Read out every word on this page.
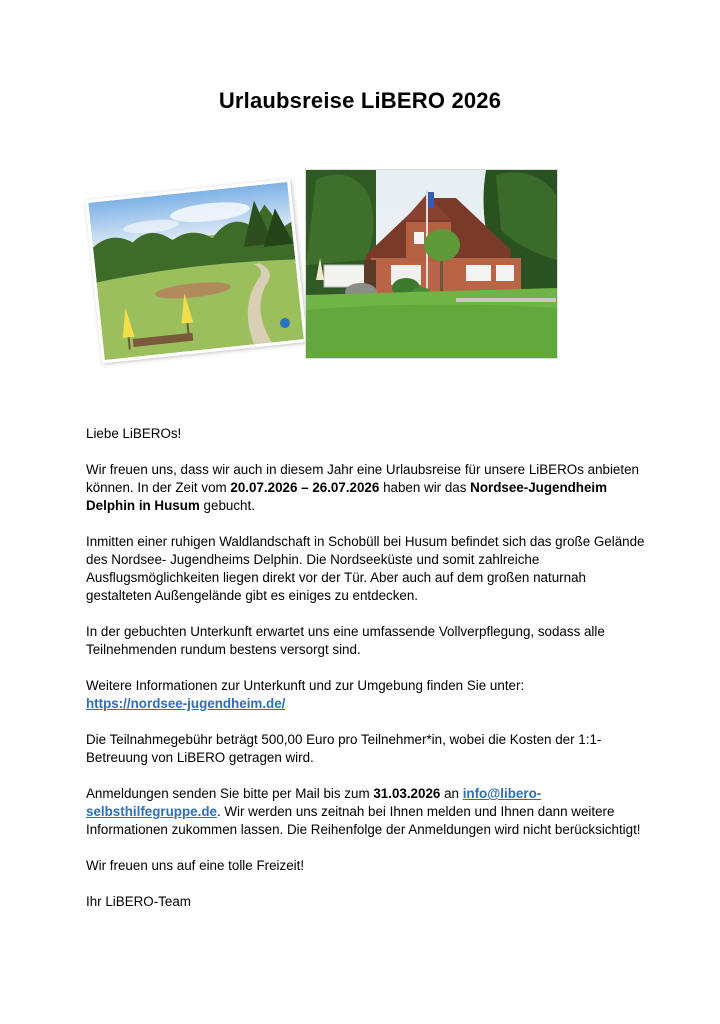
Urlaubsreise LiBERO 2026

Liebe LiBEROs!

Wir freuen uns, dass wir auch in diesem Jahr eine Urlaubsreise für unsere LiBEROs anbieten können. In der Zeit vom 20.07.2026 – 26.07.2026 haben wir das Nordsee-Jugendheim Delphin in Husum gebucht.

Inmitten einer ruhigen Waldlandschaft in Schobüll bei Husum befindet sich das große Gelände des Nordsee- Jugendheims Delphin. Die Nordseeküste und somit zahlreiche Ausflugsmöglichkeiten liegen direkt vor der Tür. Aber auch auf dem großen naturnah gestalteten Außengelände gibt es einiges zu entdecken.

In der gebuchten Unterkunft erwartet uns eine umfassende Vollverpflegung, sodass alle Teilnehmenden rundum bestens versorgt sind.

Weitere Informationen zur Unterkunft und zur Umgebung finden Sie unter:
https://nordsee-jugendheim.de/

Die Teilnahmegebühr beträgt 500,00 Euro pro Teilnehmer*in, wobei die Kosten der 1:1-Betreuung von LiBERO getragen wird.

Anmeldungen senden Sie bitte per Mail bis zum 31.03.2026 an info@libero-selbsthilfegruppe.de. Wir werden uns zeitnah bei Ihnen melden und Ihnen dann weitere Informationen zukommen lassen. Die Reihenfolge der Anmeldungen wird nicht berücksichtigt!

Wir freuen uns auf eine tolle Freizeit!

Ihr LiBERO-Team
